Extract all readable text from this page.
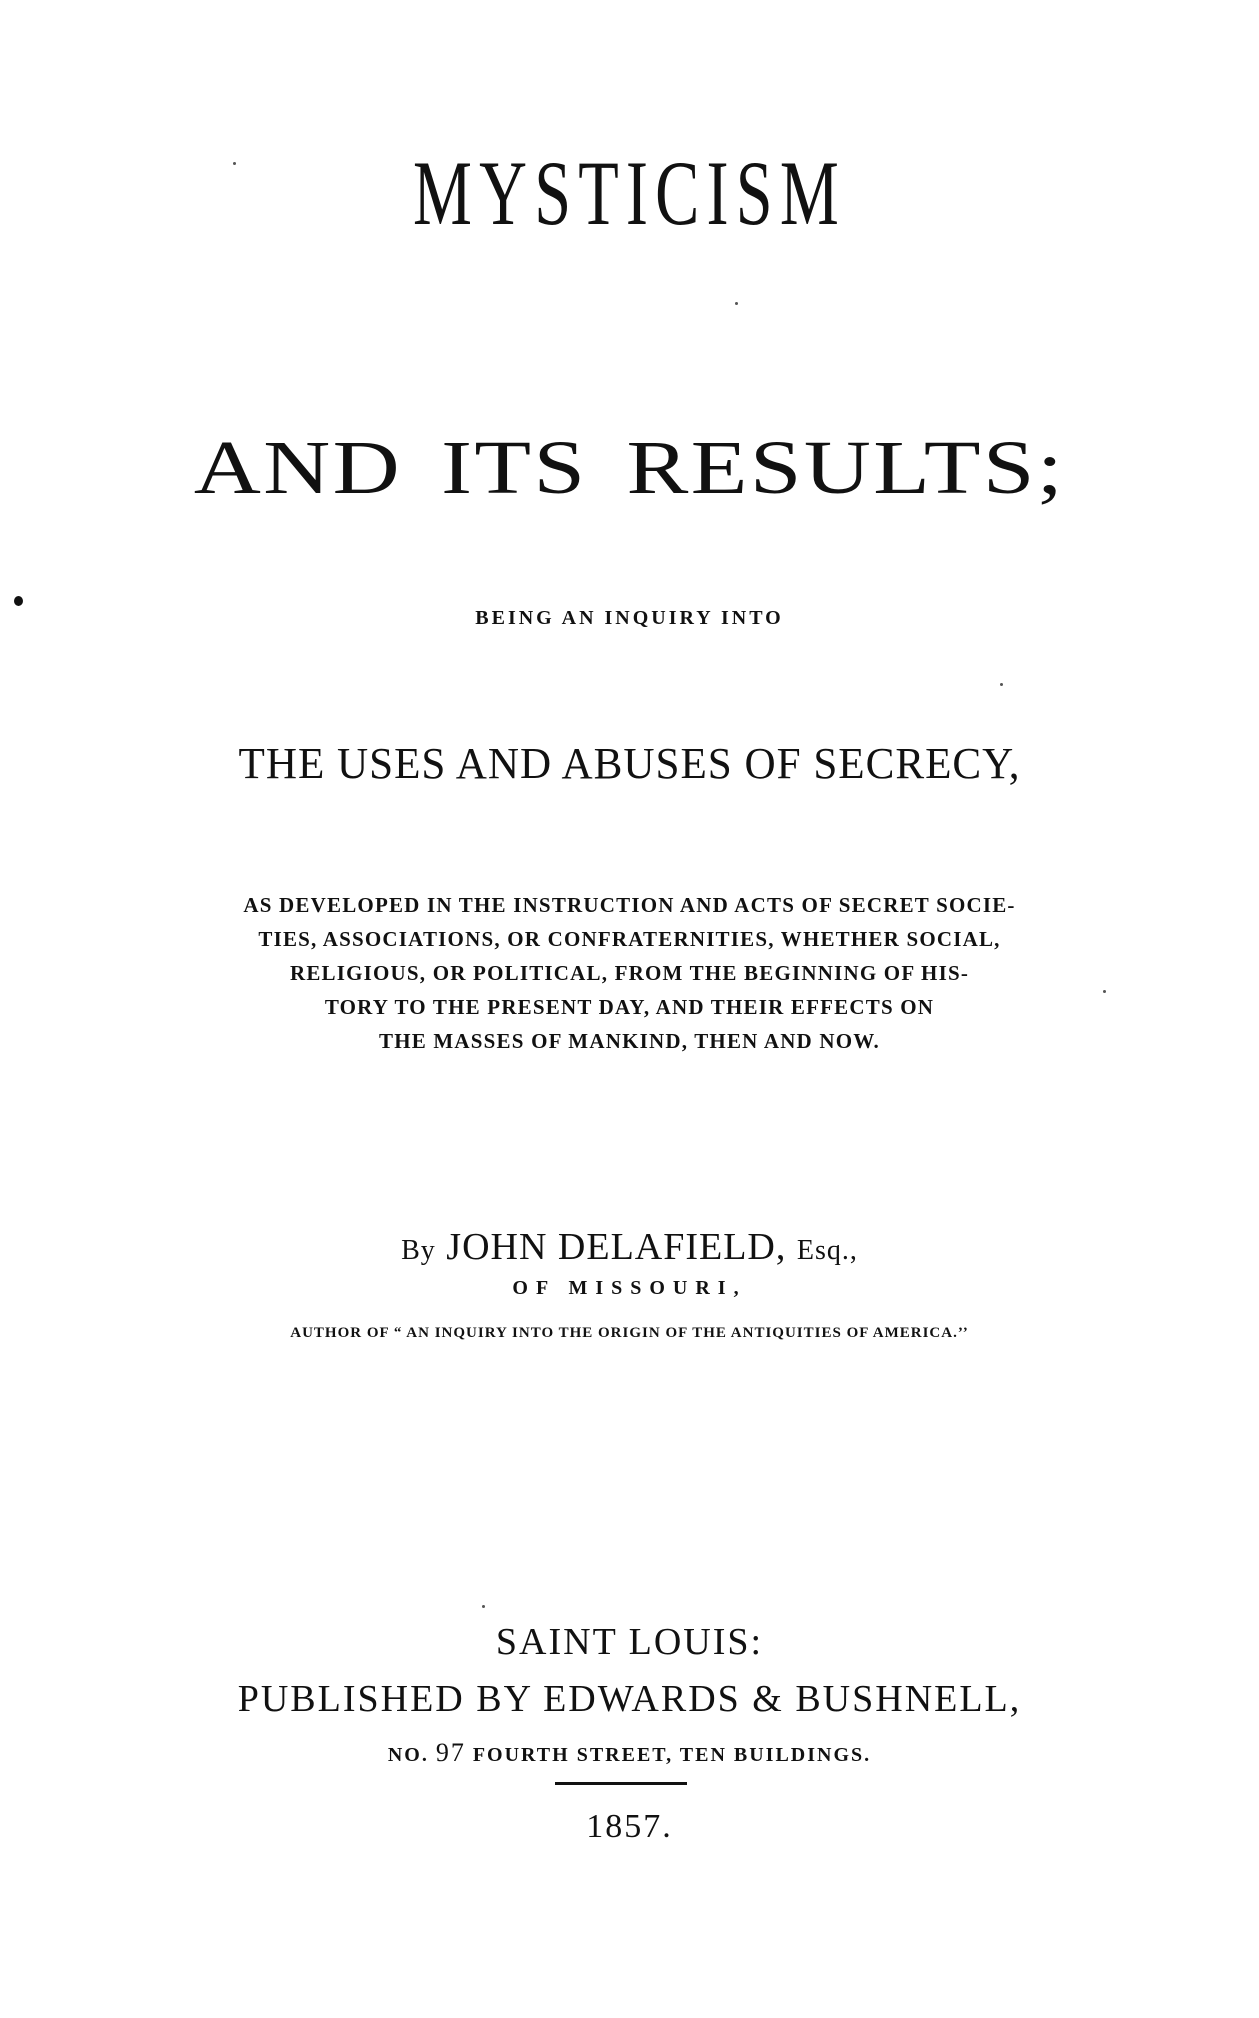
MYSTICISM
AND ITS RESULTS;

BEING AN INQUIRY INTO

THE USES AND ABUSES OF SECRECY,

AS DEVELOPED IN THE INSTRUCTION AND ACTS OF SECRET SOCIE-
TIES, ASSOCIATIONS, OR CONFRATERNITIES, WHETHER SOCIAL,
RELIGIOUS, OR POLITICAL, FROM THE BEGINNING OF HIS-
TORY TO THE PRESENT DAY, AND THEIR EFFECTS ON
THE MASSES OF MANKIND, THEN AND NOW.

By JOHN DELAFIELD, Esq.,

OF MISSOURI,

AUTHOR OF “ AN INQUIRY INTO THE ORIGIN OF THE ANTIQUITIES OF AMERICA.’’

SAINT LOUIS:

PUBLISHED BY EDWARDS & BUSHNELL,

NO. 97 FOURTH STREET, TEN BUILDINGS.

1857.
